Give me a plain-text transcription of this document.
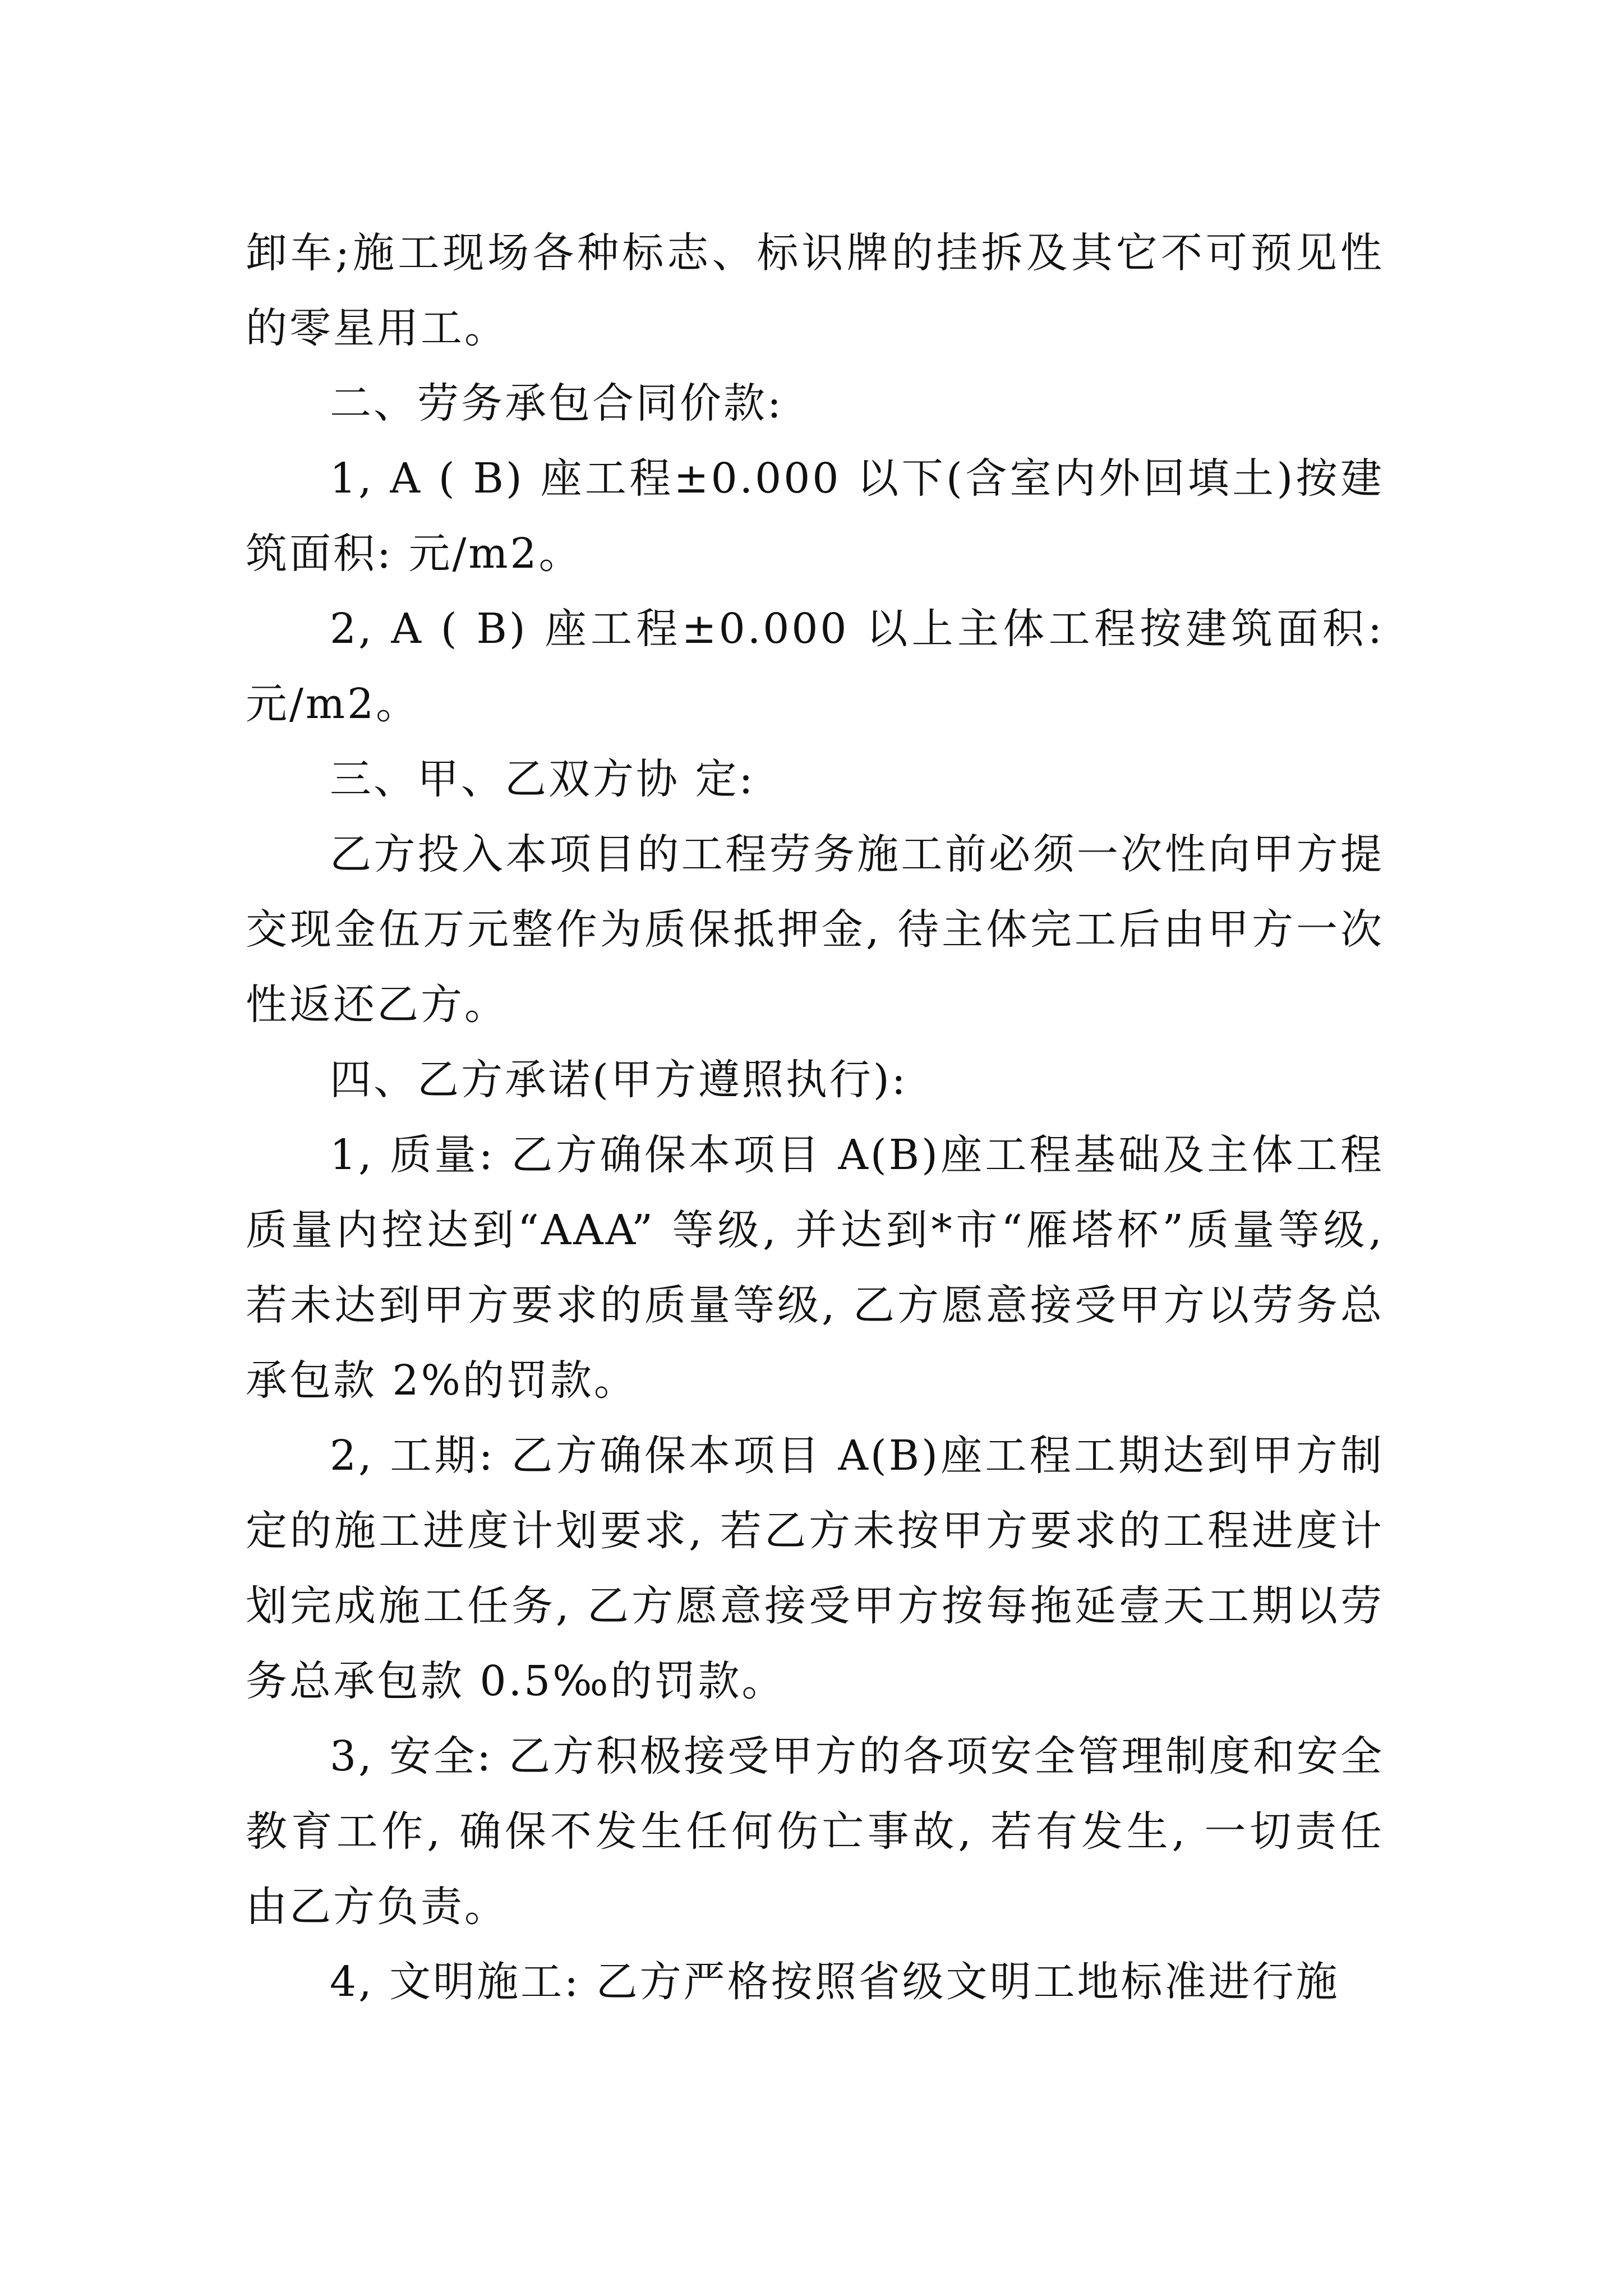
卸车;施工现场各种标志、标识牌的挂拆及其它不可预见性的零星用工。

二、劳务承包合同价款:

1, A ( B) 座工程±0.000 以下(含室内外回填土)按建筑面积: 元/m2。

2, A ( B) 座工程±0.000 以上主体工程按建筑面积: 元/m2。

三、甲、乙双方协 定:

乙方投入本项目的工程劳务施工前必须一次性向甲方提交现金伍万元整作为质保抵押金, 待主体完工后由甲方一次性返还乙方。

四、乙方承诺(甲方遵照执行):

1, 质量: 乙方确保本项目 A(B)座工程基础及主体工程质量内控达到“AAA” 等级, 并达到*市“雁塔杯”质量等级, 若未达到甲方要求的质量等级, 乙方愿意接受甲方以劳务总承包款 2%的罚款。

2, 工期: 乙方确保本项目 A(B)座工程工期达到甲方制定的施工进度计划要求, 若乙方未按甲方要求的工程进度计划完成施工任务, 乙方愿意接受甲方按每拖延壹天工期以劳务总承包款 0.5‰的罚款。

3, 安全: 乙方积极接受甲方的各项安全管理制度和安全教育工作, 确保不发生任何伤亡事故, 若有发生, 一切责任由乙方负责。

4, 文明施工: 乙方严格按照省级文明工地标准进行施
